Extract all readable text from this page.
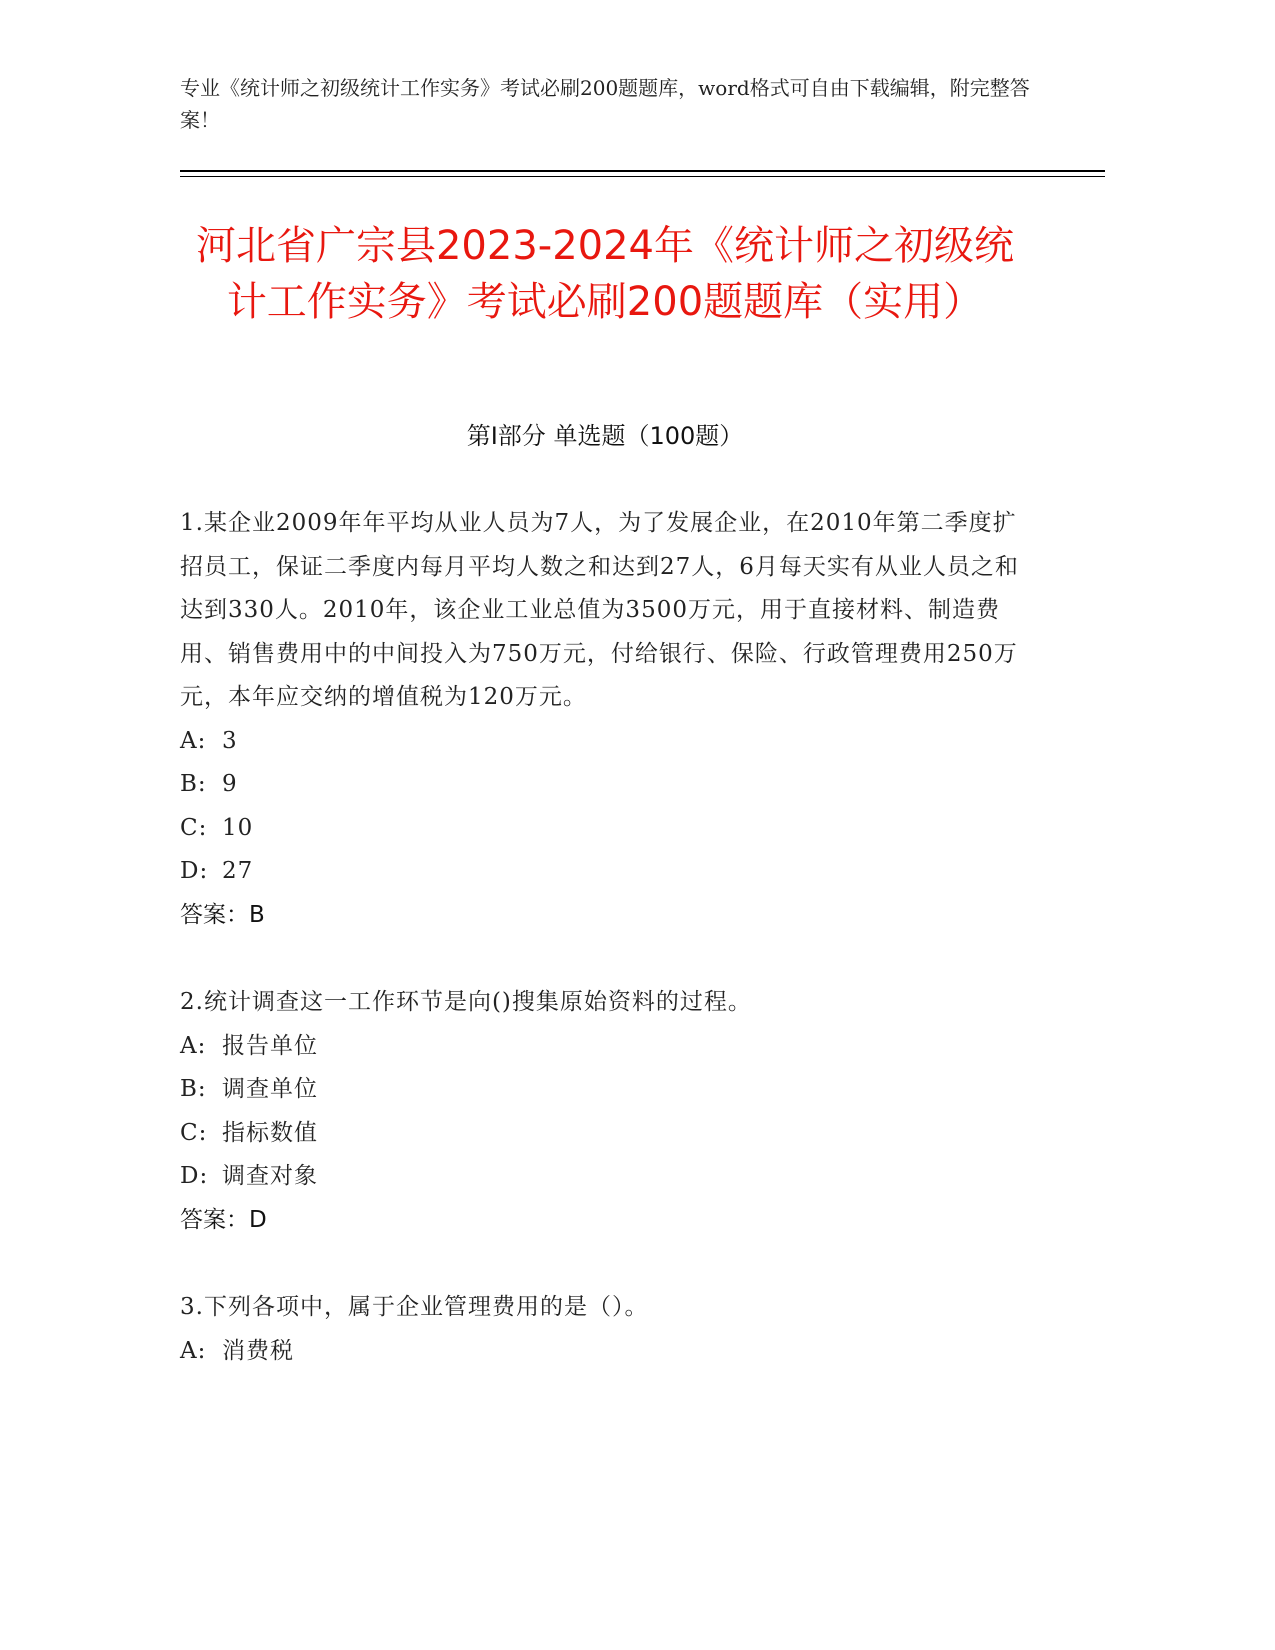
专业《统计师之初级统计工作实务》考试必刷200题题库，word格式可自由下载编辑，附完整答案！
河北省广宗县2023-2024年《统计师之初级统计工作实务》考试必刷200题题库（实用）
第Ⅰ部分 单选题（100题）
1.某企业2009年年平均从业人员为7人，为了发展企业，在2010年第二季度扩招员工，保证二季度内每月平均人数之和达到27人，6月每天实有从业人员之和达到330人。2010年，该企业工业总值为3500万元，用于直接材料、制造费用、销售费用中的中间投入为750万元，付给银行、保险、行政管理费用250万元，本年应交纳的增值税为120万元。
A: 3
B: 9
C: 10
D: 27
答案：B
2.统计调查这一工作环节是向()搜集原始资料的过程。
A: 报告单位
B: 调查单位
C: 指标数值
D: 调查对象
答案：D
3.下列各项中，属于企业管理费用的是（）。
A: 消费税
